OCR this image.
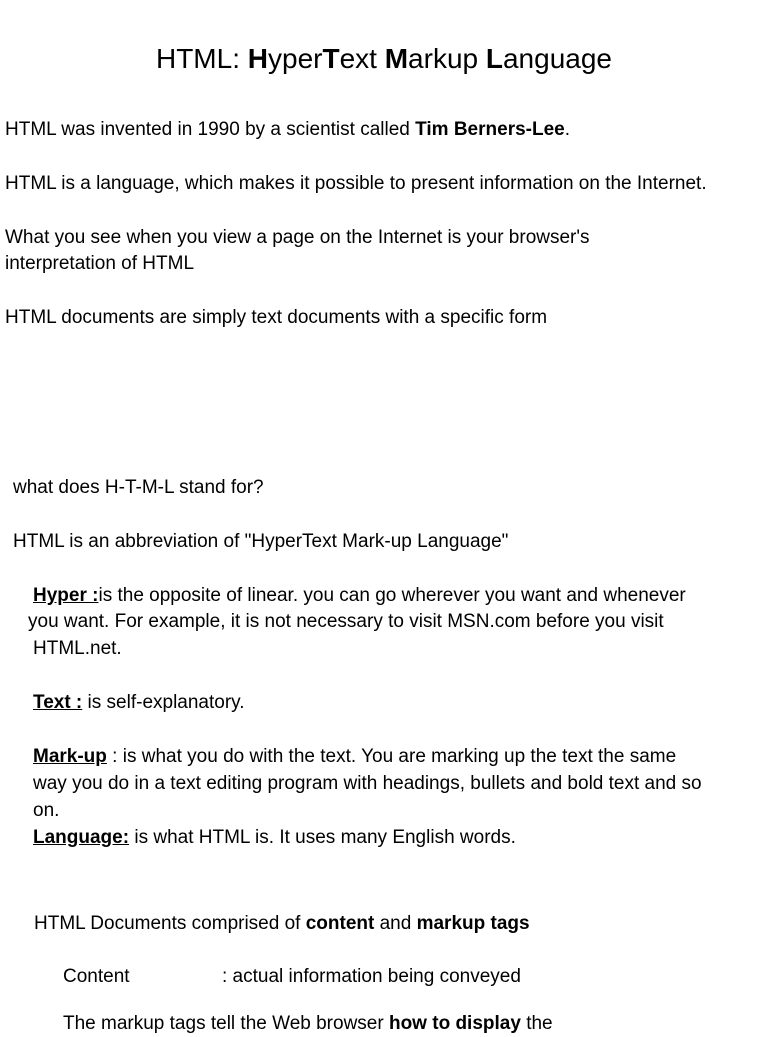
HTML: HyperText Markup Language
HTML was invented in 1990 by a scientist called Tim Berners-Lee.
HTML is a language, which makes it possible to present information on the Internet.
What you see when you view a page on the Internet is your browser's
interpretation of HTML
HTML documents are simply text documents with a specific form
what does H-T-M-L stand for?
HTML is an abbreviation of "HyperText Mark-up Language"
Hyper :is the opposite of linear. you can go wherever you want and whenever
you want. For example, it is not necessary to visit MSN.com before you visit
HTML.net.
Text : is self-explanatory.
Mark-up : is what you do with the text. You are marking up the text the same
way you do in a text editing program with headings, bullets and bold text and so
on.
Language: is what HTML is. It uses many English words.
HTML Documents comprised of content and markup tags
Content	: actual information being conveyed
The markup tags tell the Web browser how to display the
